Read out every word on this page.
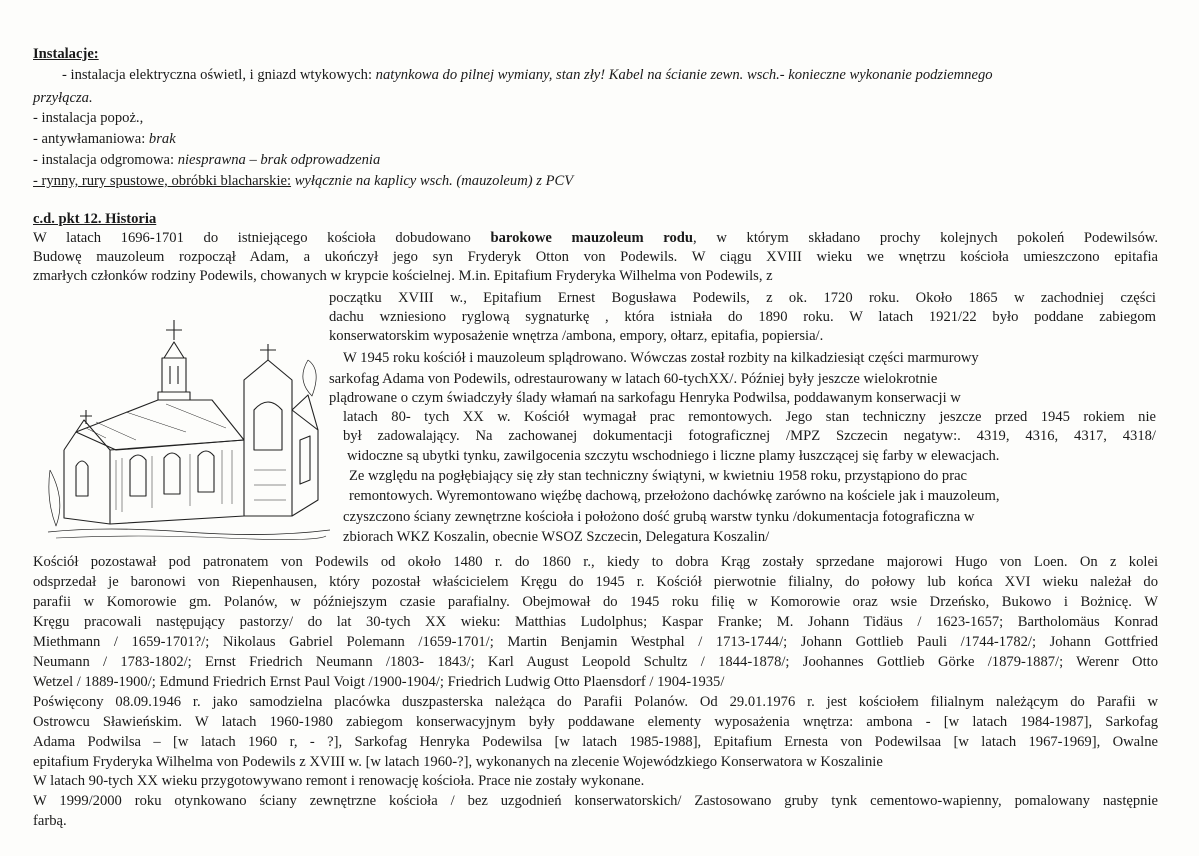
Instalacje:
- instalacja elektryczna oświetl, i gniazd wtykowych: natynkowa do pilnej wymiany, stan zły! Kabel na ścianie zewn. wsch.- konieczne wykonanie podziemnego
przyłącza.
- instalacja popoż.,
- antywłamaniowa: brak
- instalacja odgromowa: niesprawna – brak odprowadzenia
- rynny, rury spustowe, obróbki blacharskie: wyłącznie na kaplicy wsch. (mauzoleum) z PCV
c.d. pkt 12. Historia
W latach 1696-1701 do istniejącego kościoła dobudowano barokowe mauzoleum rodu, w którym składano prochy kolejnych pokoleń Podewilsów.
Budowę mauzoleum rozpoczął Adam, a ukończył jego syn Fryderyk Otton von Podewils. W ciągu XVIII wieku we wnętrzu kościoła umieszczono epitafia
zmarłych członków rodziny Podewils, chowanych w krypcie kościelnej. M.in. Epitafium Fryderyka Wilhelma von Podewils, z
początku XVIII w., Epitafium Ernest Bogusława Podewils, z ok. 1720 roku. Około 1865 w zachodniej części
dachu wzniesiono ryglową sygnaturkę , która istniała do 1890 roku. W latach 1921/22 było poddane zabiegom
konserwatorskim wyposażenie wnętrza /ambona, empory, ołtarz, epitafia, popiersia/.
W 1945 roku kościół i mauzoleum splądrowano. Wówczas został rozbity na kilkadziesiąt części marmurowy
sarkofag Adama von Podewils, odrestaurowany w latach 60-tychXX/. Później były jeszcze wielokrotnie
plądrowane o czym świadczyły ślady włamań na sarkofagu Henryka Podwilsa, poddawanym konserwacji w
latach 80- tych XX w. Kościół wymagał prac remontowych. Jego stan techniczny jeszcze przed 1945 rokiem nie
był zadowalający. Na zachowanej dokumentacji fotograficznej /MPZ Szczecin negatyw:. 4319, 4316, 4317, 4318/
widoczne są ubytki tynku, zawilgocenia szczytu wschodniego i liczne plamy łuszczącej się farby w elewacjach.
Ze względu na pogłębiający się zły stan techniczny świątyni, w kwietniu 1958 roku, przystąpiono do prac
remontowych. Wyremontowano więźbę dachową, przełożono dachówkę zarówno na kościele jak i mauzoleum,
czyszczono ściany zewnętrzne kościoła i położono dość grubą warstw tynku /dokumentacja fotograficzna w
zbiorach WKZ Koszalin, obecnie WSOZ Szczecin, Delegatura Koszalin/
Kościół pozostawał pod patronatem von Podewils od około 1480 r. do 1860 r., kiedy to dobra Krąg zostały sprzedane majorowi Hugo von Loen. On z kolei
odsprzedał je baronowi von Riepenhausen, który pozostał właścicielem Kręgu do 1945 r. Kościół pierwotnie filialny, do połowy lub końca XVI wieku należał do
parafii w Komorowie gm. Polanów, w późniejszym czasie parafialny. Obejmował do 1945 roku filię w Komorowie oraz wsie Drzeńsko, Bukowo i Bożnicę. W
Kręgu pracowali następujący pastorzy/ do lat 30-tych XX wieku: Matthias Ludolphus; Kaspar Franke; M. Johann Tidäus / 1623-1657; Bartholomäus Konrad
Miethmann / 1659-1701?/; Nikolaus Gabriel Polemann /1659-1701/; Martin Benjamin Westphal / 1713-1744/; Johann Gottlieb Pauli /1744-1782/; Johann Gottfried
Neumann / 1783-1802/; Ernst Friedrich Neumann /1803- 1843/; Karl August Leopold Schultz / 1844-1878/; Joohannes Gottlieb Görke /1879-1887/; Werenr Otto
Wetzel / 1889-1900/; Edmund Friedrich Ernst Paul Voigt /1900-1904/; Friedrich Ludwig Otto Plaensdorf / 1904-1935/
Poświęcony 08.09.1946 r. jako samodzielna placówka duszpasterska należąca do Parafii Polanów. Od 29.01.1976 r. jest kościołem filialnym należącym do Parafii w
Ostrowcu Sławieńskim. W latach 1960-1980 zabiegom konserwacyjnym były poddawane elementy wyposażenia wnętrza: ambona - [w latach 1984-1987], Sarkofag
Adama Podwilsa – [w latach 1960 r, - ?], Sarkofag Henryka Podewilsa [w latach 1985-1988], Epitafium Ernesta von Podewilsaa [w latach 1967-1969], Owalne
epitafium Fryderyka Wilhelma von Podewils z XVIII w. [w latach 1960-?], wykonanych na zlecenie Wojewódzkiego Konserwatora w Koszalinie
W latach 90-tych XX wieku przygotowywano remont i renowację kościoła. Prace nie zostały wykonane.
W 1999/2000 roku otynkowano ściany zewnętrzne kościoła / bez uzgodnień konserwatorskich/ Zastosowano gruby tynk cementowo-wapienny, pomalowany następnie
farbą.
